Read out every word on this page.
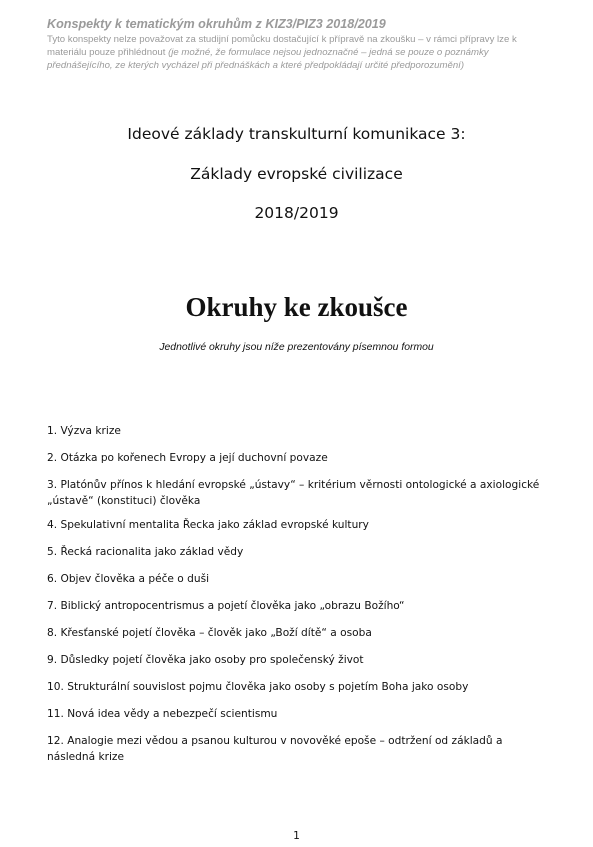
Konspekty k tematickým okruhům z KIZ3/PIZ3 2018/2019

Tyto konspekty nelze považovat za studijní pomůcku dostačující k přípravě na zkoušku – v rámci přípravy lze k materiálu pouze přihlédnout (je možné, že formulace nejsou jednoznačné – jedná se pouze o poznámky přednášejícího, ze kterých vycházel při přednáškách a které předpokládají určité předporozumění)

Ideové základy transkulturní komunikace 3:

Základy evropské civilizace

2018/2019

Okruhy ke zkoušce

Jednotlivé okruhy jsou níže prezentovány písemnou formou

1. Výzva krize
2. Otázka po kořenech Evropy a její duchovní povaze
3. Platónův přínos k hledání evropské „ústavy“ – kritérium věrnosti ontologické a axiologické „ústavě“ (konstituci) člověka
4. Spekulativní mentalita Řecka jako základ evropské kultury
5. Řecká racionalita jako základ vědy
6. Objev člověka a péče o duši
7. Biblický antropocentrismus a pojetí člověka jako „obrazu Božího“
8. Křesťanské pojetí člověka – člověk jako „Boží dítě“ a osoba
9. Důsledky pojetí člověka jako osoby pro společenský život
10. Strukturální souvislost pojmu člověka jako osoby s pojetím Boha jako osoby
11. Nová idea vědy a nebezpečí scientismu
12. Analogie mezi vědou a psanou kulturou v novověké epoše – odtržení od základů a následná krize

1
